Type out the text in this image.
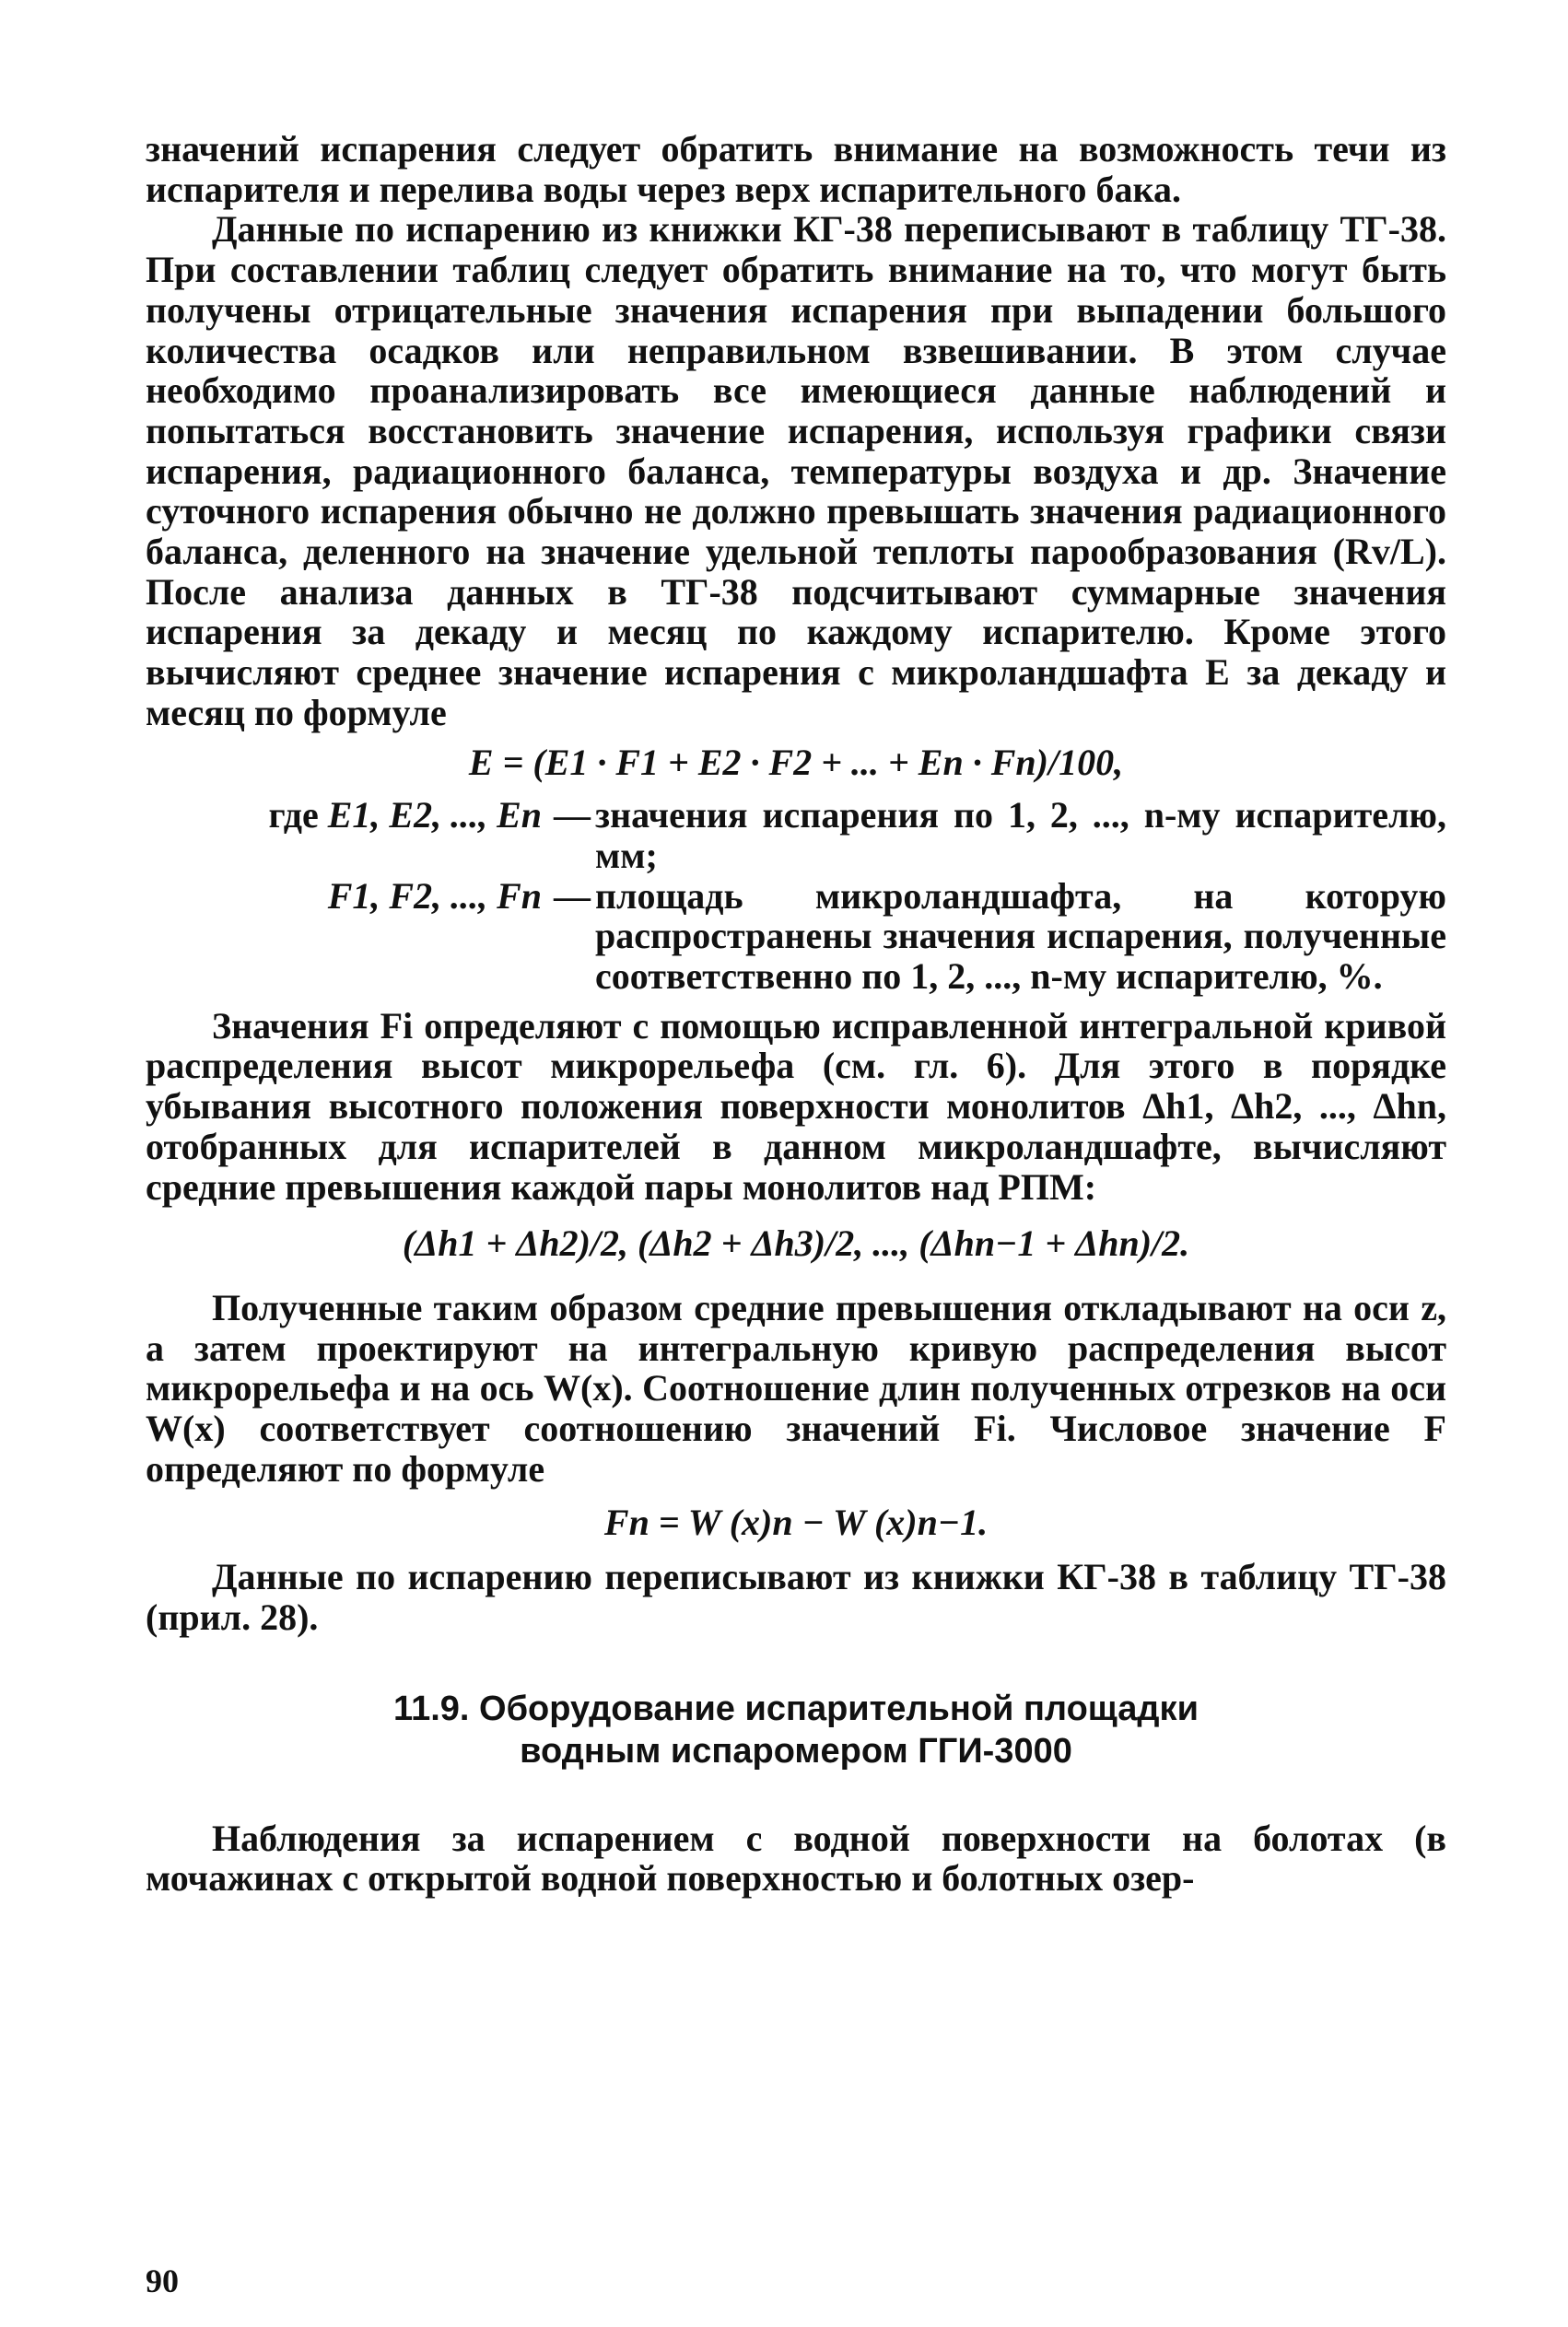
значений испарения следует обратить внимание на возможность течи из испарителя и перелива воды через верх испарительного бака.

Данные по испарению из книжки КГ-38 переписывают в таблицу ТГ-38. При составлении таблиц следует обратить внимание на то, что могут быть получены отрицательные значения испарения при выпадении большого количества осадков или неправильном взвешивании. В этом случае необходимо проанализировать все имеющиеся данные наблюдений и попытаться восстановить значение испарения, используя графики связи испарения, радиационного баланса, температуры воздуха и др. Значение суточного испарения обычно не должно превышать значения радиационного баланса, деленного на значение удельной теплоты парообразования (Rv/L). После анализа данных в ТГ-38 подсчитывают суммарные значения испарения за декаду и месяц по каждому испарителю. Кроме этого вычисляют среднее значение испарения с микроландшафта E за декаду и месяц по формуле

E = (E1 · F1 + E2 · F2 + ... + En · Fn)/100,
где E1, E2, ..., En	—	значения испарения по 1, 2, ..., n-му испарителю, мм;
F1, F2, ..., Fn	—	площадь микроландшафта, на которую распространены значения испарения, полученные соответственно по 1, 2, ..., n-му испарителю, %.

Значения Fi определяют с помощью исправленной интегральной кривой распределения высот микрорельефа (см. гл. 6). Для этого в порядке убывания высотного положения поверхности монолитов Δh1, Δh2, ..., Δhn, отобранных для испарителей в данном микроландшафте, вычисляют средние превышения каждой пары монолитов над РПМ:

(Δh1 + Δh2)/2, (Δh2 + Δh3)/2, ..., (Δhn−1 + Δhn)/2.

Полученные таким образом средние превышения откладывают на оси z, а затем проектируют на интегральную кривую распределения высот микрорельефа и на ось W(x). Соотношение длин полученных отрезков на оси W(x) соответствует соотношению значений Fi. Числовое значение F определяют по формуле

Fn = W (x)n − W (x)n−1.

Данные по испарению переписывают из книжки КГ-38 в таблицу ТГ-38 (прил. 28).

11.9. Оборудование испарительной площадки
водным испаромером ГГИ-3000

Наблюдения за испарением с водной поверхности на болотах (в мочажинах с открытой водной поверхностью и болотных озер-

90
